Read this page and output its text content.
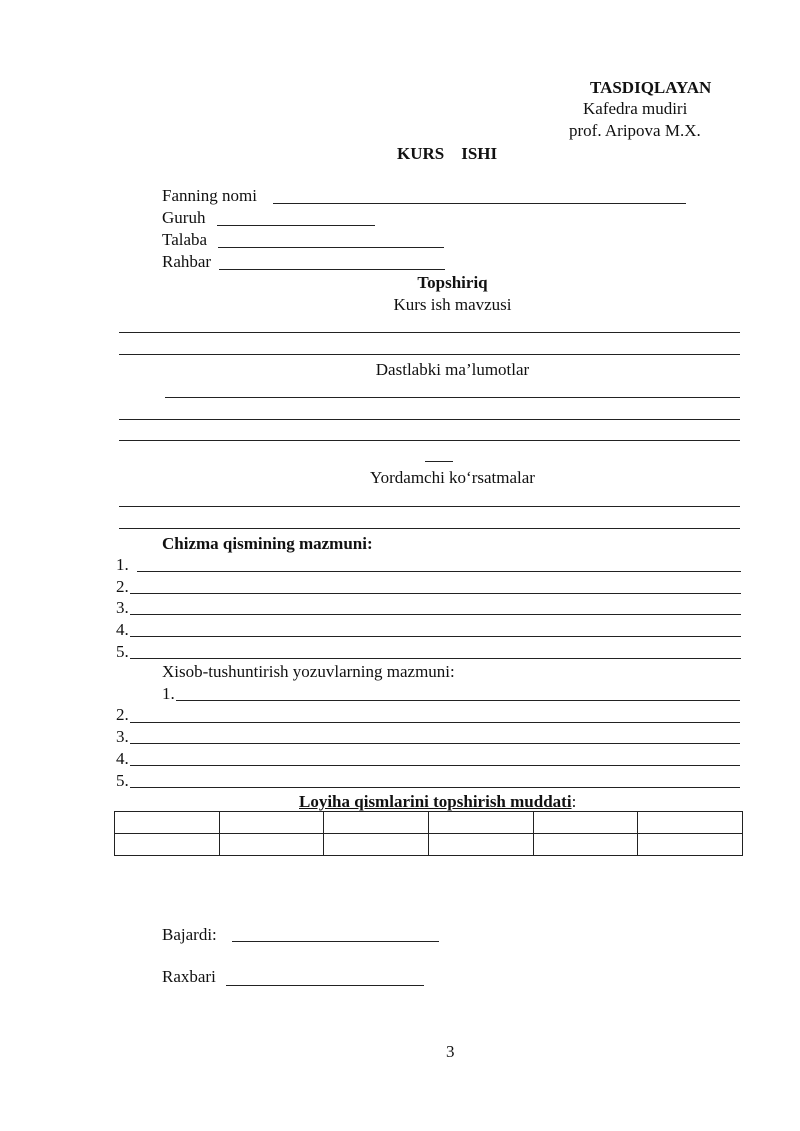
TASDIQLAYAN
Kafedra mudiri
prof. Aripova M.X.
KURS    ISHI
Fanning nomi
Guruh
Talaba
Rahbar
Topshiriq
Kurs ish mavzusi
Dastlabki ma’lumotlar
Yordamchi ko‘rsatmalar
Chizma qismining mazmuni:
1.
2.
3.
4.
5.
Xisob-tushuntirish yozuvlarning mazmuni:
1.
2.
3.
4.
5.
Loyiha qismlarini topshirish muddati:

Bajardi:
Raxbari
3
